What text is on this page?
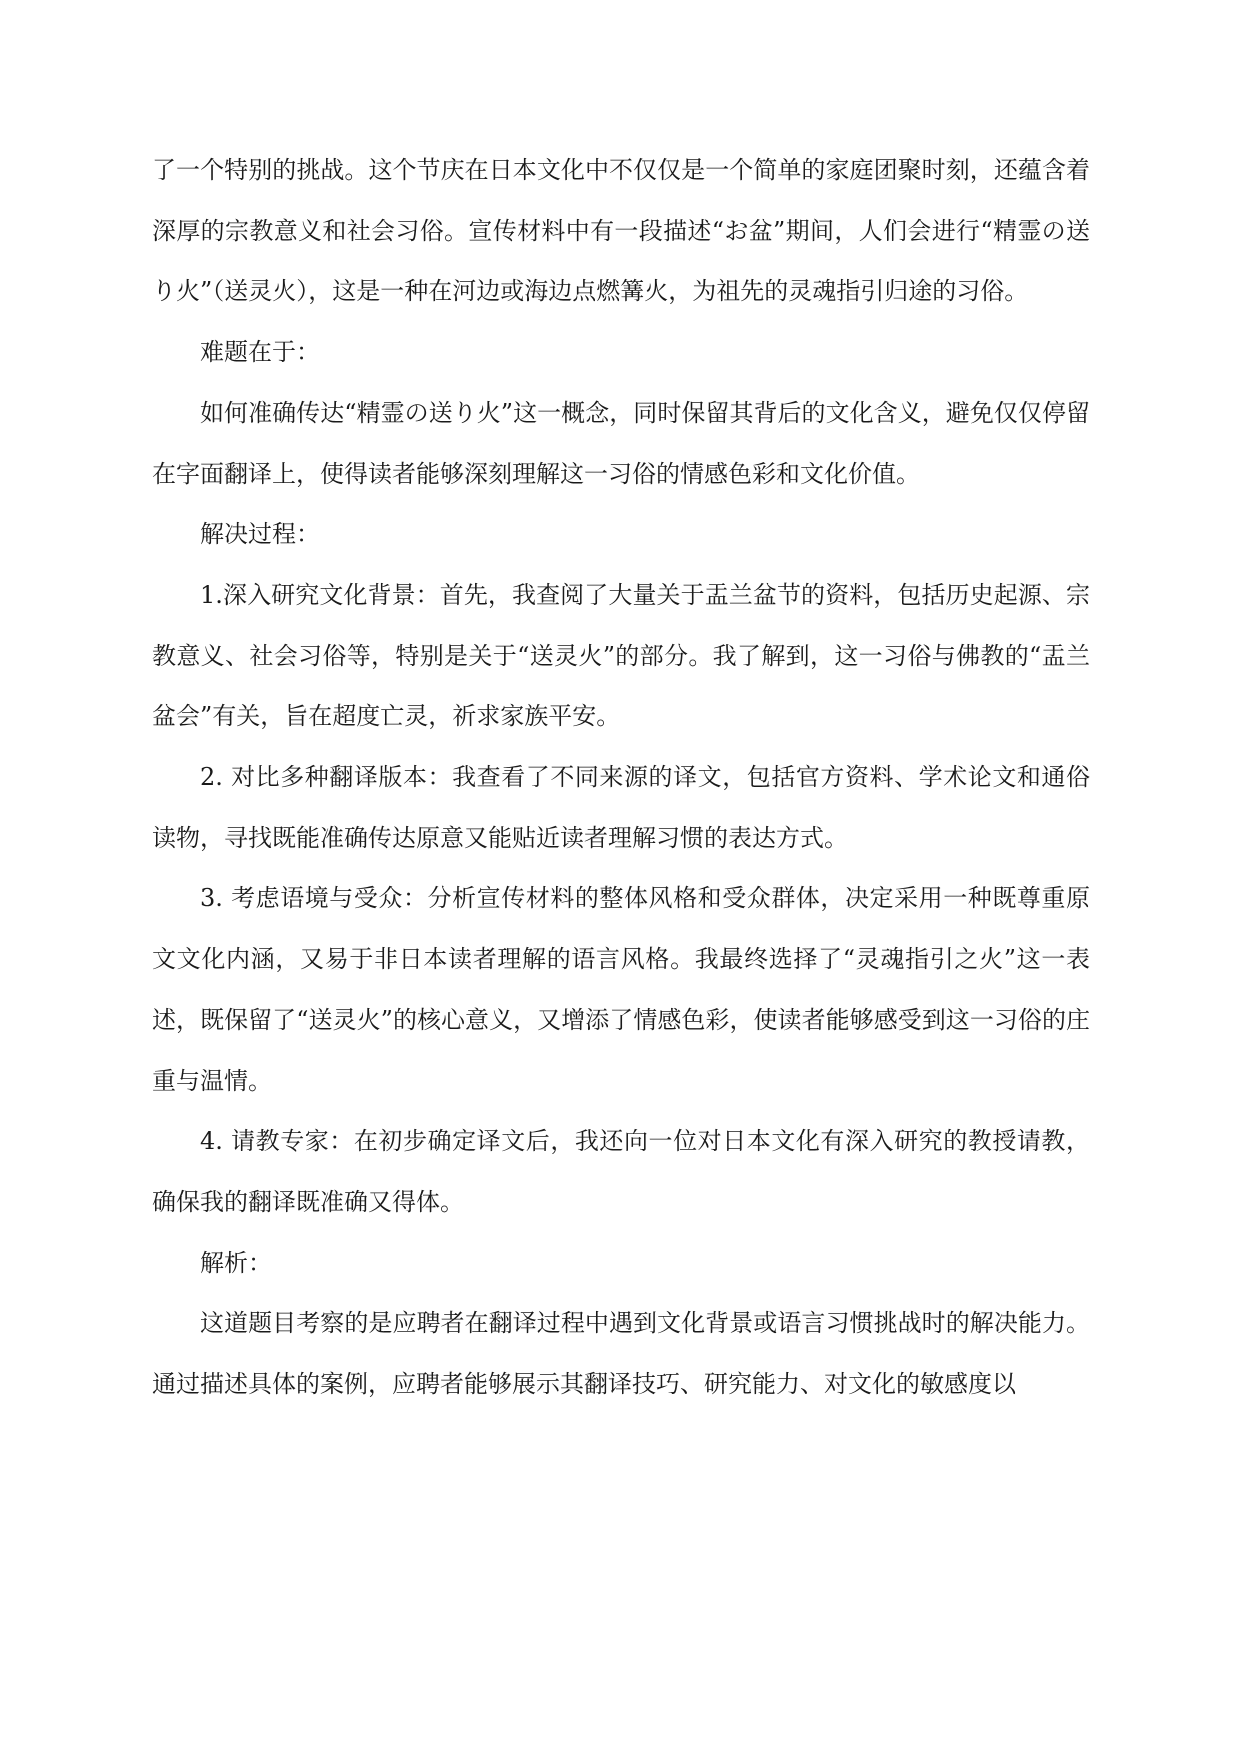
了一个特别的挑战。这个节庆在日本文化中不仅仅是一个简单的家庭团聚时刻，还蕴含着深厚的宗教意义和社会习俗。宣传材料中有一段描述“お盆”期间，人们会进行“精霊の送り火”（送灵火），这是一种在河边或海边点燃篝火，为祖先的灵魂指引归途的习俗。

难题在于：

如何准确传达“精霊の送り火”这一概念，同时保留其背后的文化含义，避免仅仅停留在字面翻译上，使得读者能够深刻理解这一习俗的情感色彩和文化价值。

解决过程：

1.深入研究文化背景：首先，我查阅了大量关于盂兰盆节的资料，包括历史起源、宗教意义、社会习俗等，特别是关于“送灵火”的部分。我了解到，这一习俗与佛教的“盂兰盆会”有关，旨在超度亡灵，祈求家族平安。

2. 对比多种翻译版本：我查看了不同来源的译文，包括官方资料、学术论文和通俗读物，寻找既能准确传达原意又能贴近读者理解习惯的表达方式。

3. 考虑语境与受众：分析宣传材料的整体风格和受众群体，决定采用一种既尊重原文文化内涵，又易于非日本读者理解的语言风格。我最终选择了“灵魂指引之火”这一表述，既保留了“送灵火”的核心意义，又增添了情感色彩，使读者能够感受到这一习俗的庄重与温情。

4. 请教专家：在初步确定译文后，我还向一位对日本文化有深入研究的教授请教，确保我的翻译既准确又得体。

解析：

这道题目考察的是应聘者在翻译过程中遇到文化背景或语言习惯挑战时的解决能力。通过描述具体的案例，应聘者能够展示其翻译技巧、研究能力、对文化的敏感度以
